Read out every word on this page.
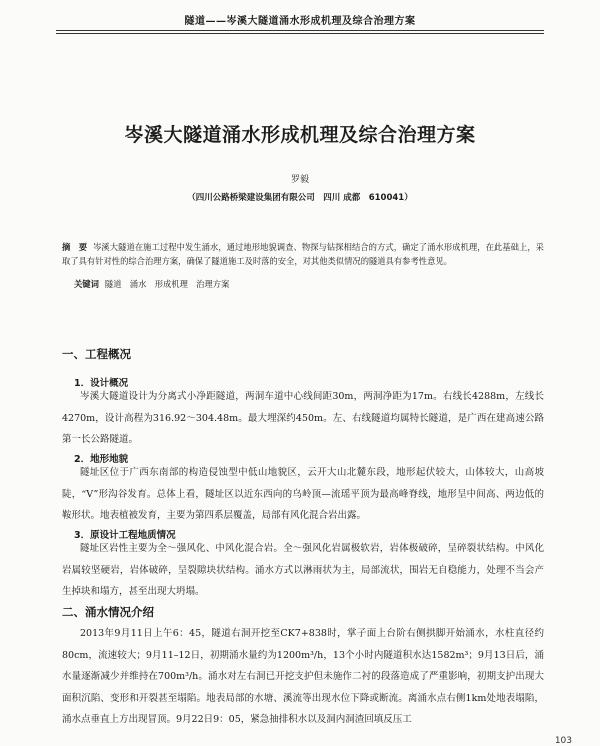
隧道——岑溪大隧道涌水形成机理及综合治理方案
岑溪大隧道涌水形成机理及综合治理方案
罗毅
（四川公路桥梁建设集团有限公司　四川 成都　610041）
摘　要 岑溪大隧道在施工过程中发生涌水，通过地形地貌调查、物探与钻探相结合的方式，确定了涌水形成机理，在此基础上，采取了具有针对性的综合治理方案，确保了隧道施工及时落的安全，对其他类似情况的隧道具有参考性意见。
关键词 隧道　涌水　形成机理　治理方案
一、工程概况
1．设计概况
岑溪大隧道设计为分离式小净距隧道，两洞车道中心线间距30m，两洞净距为17m。右线长4288m，左线长4270m，设计高程为316.92～304.48m。最大埋深约450m。左、右线隧道均属特长隧道，是广西在建高速公路第一长公路隧道。
2．地形地貌
隧址区位于广西东南部的构造侵蚀型中低山地貌区，云开大山北麓东段，地形起伏较大，山体较大，山高坡陡，“V”形沟谷发育。总体上看，隧址区以近东西向的乌岭顶—流瑶平顶为最高峰脊线，地形呈中间高、两边低的鞍形状。地表植被发育，主要为第四系层覆盖，局部有风化混合岩出露。
3．原设计工程地质情况
隧址区岩性主要为全～强风化、中风化混合岩。全～强风化岩属极软岩，岩体极破碎，呈碎裂状结构。中风化岩属较坚硬岩，岩体破碎，呈裂隙块状结构。涌水方式以淋雨状为主，局部流状，围岩无自稳能力，处理不当会产生掉块和塌方，甚至出现大坍塌。
二、涌水情况介绍
2013年9月11日上午6：45，隧道右洞开挖至CK7+838时，掌子面上台阶右侧拱脚开始涌水，水柱直径约80cm，流速较大；9月11–12日，初期涌水量约为1200m³/h，13个小时内隧道积水达1582m³；9月13日后，涌水量逐渐减少并维持在700m³/h。涌水对左右洞已开挖支护但未施作二衬的段落造成了严重影响，初期支护出现大面积沉陷、变形和开裂甚至塌陷。地表局部的水塘、溪流等出现水位下降或断流。离涌水点右侧1km处地表塌陷，涌水点垂直上方出现冒顶。9月22日9：05，紧急抽排积水以及洞内洞渣回填反压工
103
